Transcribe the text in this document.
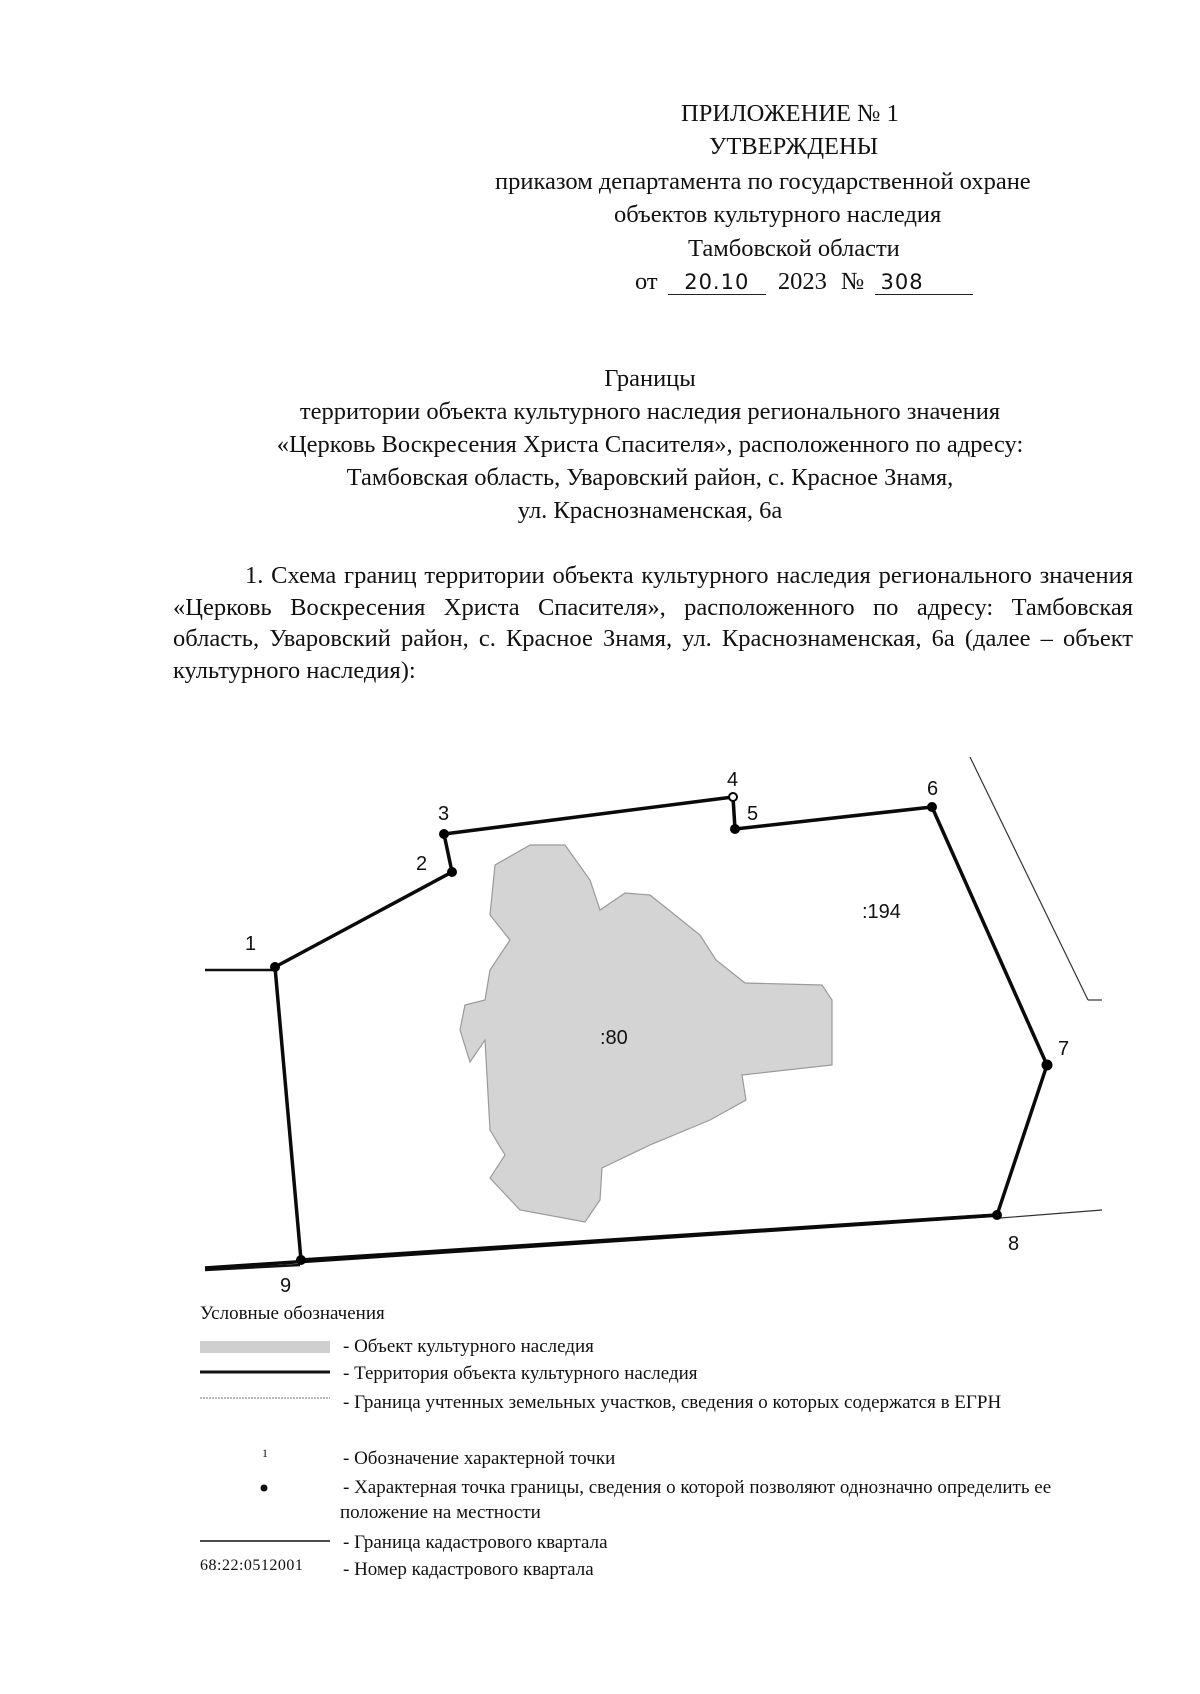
ПРИЛОЖЕНИЕ № 1
УТВЕРЖДЕНЫ
приказом департамента по государственной охране
объектов культурного наследия
Тамбовской области
от 20.10 2023 № 308
Границы
территории объекта культурного наследия регионального значения
«Церковь Воскресения Христа Спасителя», расположенного по адресу:
Тамбовская область, Уваровский район, с. Красное Знамя,
ул. Краснознаменская, 6а
1. Схема границ территории объекта культурного наследия регионального значения «Церковь Воскресения Христа Спасителя», расположенного по адресу: Тамбовская область, Уваровский район, с. Красное Знамя, ул. Краснознаменская, 6а (далее – объект культурного наследия):
1
2
3
4
5
6
7
8
9
:194
:80
1
Условные обозначения
- Объект культурного наследия
- Территория объекта культурного наследия
- Граница учтенных земельных участков, сведения о которых содержатся в ЕГРН
- Обозначение характерной точки
- Характерная точка границы, сведения о которой позволяют однозначно определить ее положение на местности
- Граница кадастрового квартала
68:22:0512001 - Номер кадастрового квартала
